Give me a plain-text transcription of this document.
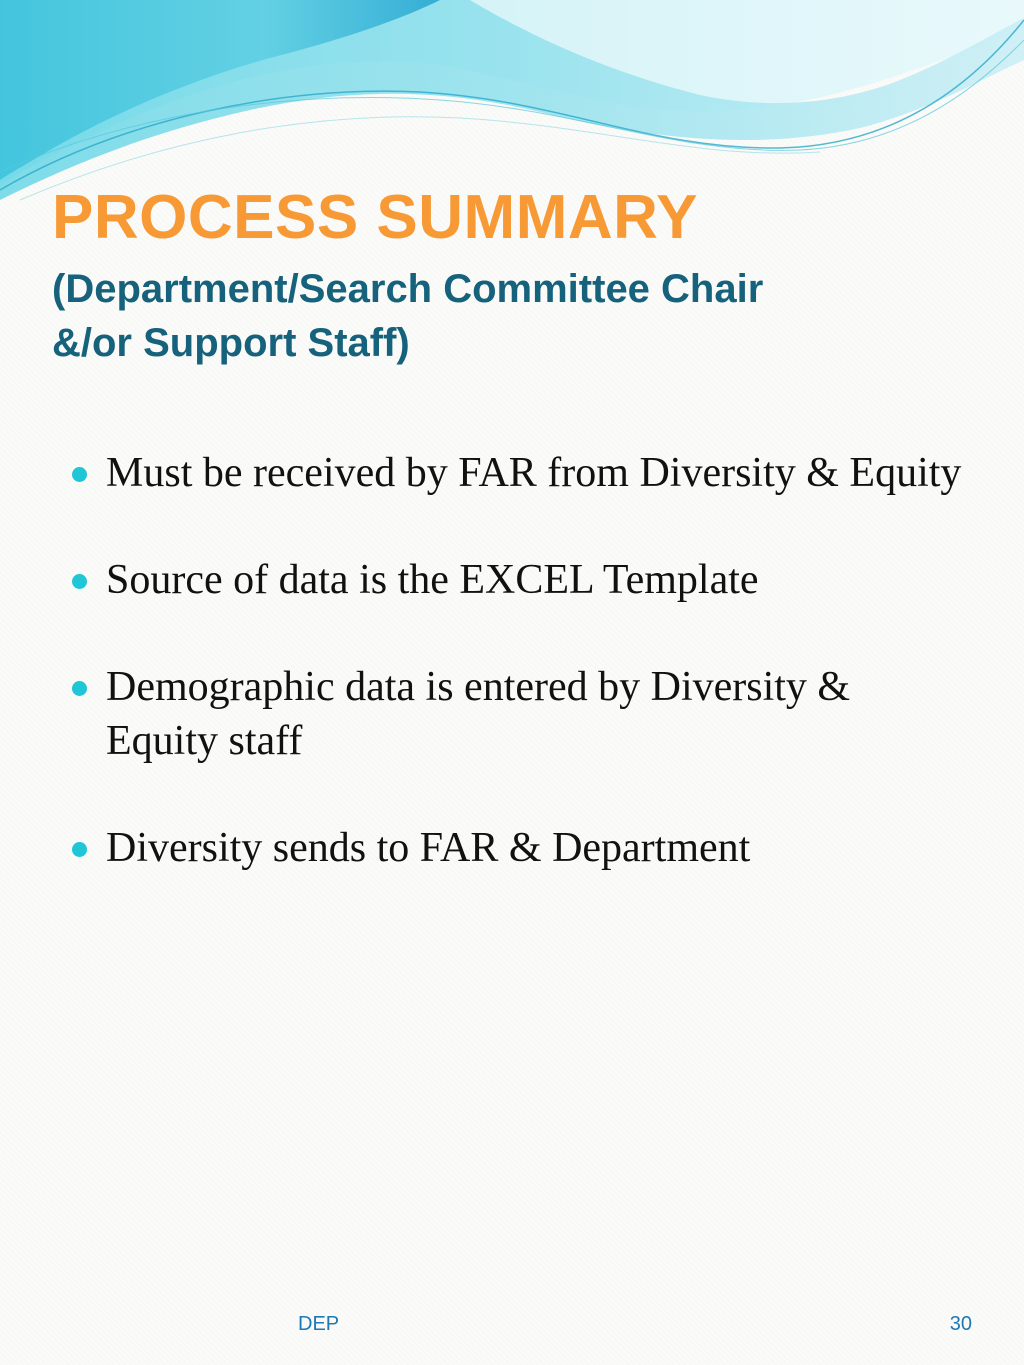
PROCESS SUMMARY
(Department/Search Committee Chair
&/or Support Staff)
Must be received by FAR from Diversity & Equity
Source of data is the EXCEL Template
Demographic data is entered by Diversity & Equity staff
Diversity sends to FAR & Department
DEP	30
